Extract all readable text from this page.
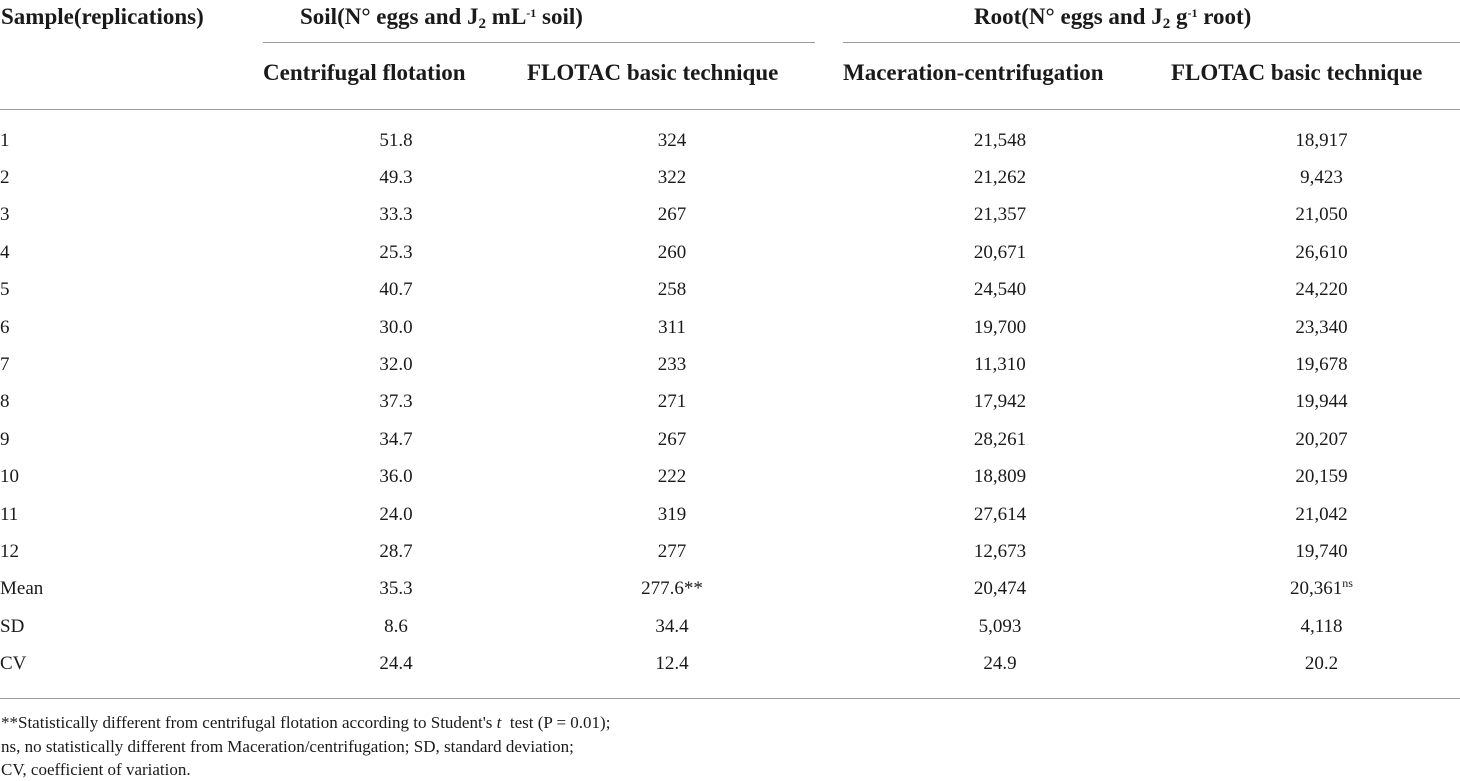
Sample(replications)	Soil(N° eggs and $J_2$ $mL^{-1}$ soil)	Root(N° eggs and $J_2$ $g^{-1}$ root)
Centrifugal flotation	FLOTAC basic technique	Maceration-centrifugation	FLOTAC basic technique
1	51.8	324	21,548	18,917
2	49.3	322	21,262	9,423
3	33.3	267	21,357	21,050
4	25.3	260	20,671	26,610
5	40.7	258	24,540	24,220
6	30.0	311	19,700	23,340
7	32.0	233	11,310	19,678
8	37.3	271	17,942	19,944
9	34.7	267	28,261	20,207
10	36.0	222	18,809	20,159
11	24.0	319	27,614	21,042
12	28.7	277	12,673	19,740
Mean	35.3	277.6**	20,474	$20,361^{ns}$
SD	8.6	34.4	5,093	4,118
CV	24.4	12.4	24.9	20.2
**Statistically different from centrifugal flotation according to Student's t  test (P = 0.01);
ns, no statistically different from Maceration/centrifugation; SD, standard deviation;
CV, coefficient of variation.
